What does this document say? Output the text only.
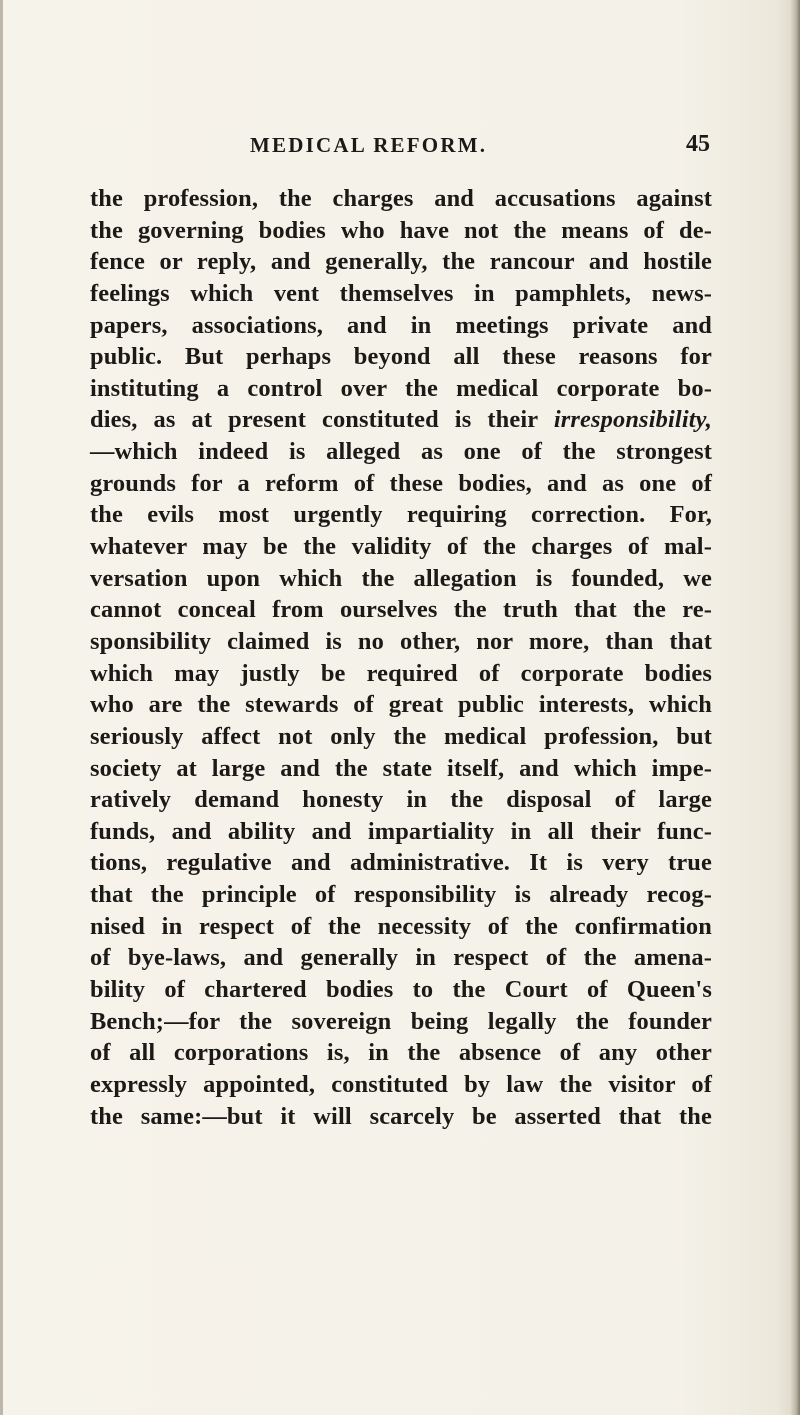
MEDICAL REFORM.	45
the profession, the charges and accusations against
the governing bodies who have not the means of de-
fence or reply, and generally, the rancour and hostile
feelings which vent themselves in pamphlets, news-
papers, associations, and in meetings private and
public. But perhaps beyond all these reasons for
instituting a control over the medical corporate bo-
dies, as at present constituted is their irresponsibility,
—which indeed is alleged as one of the strongest
grounds for a reform of these bodies, and as one of
the evils most urgently requiring correction. For,
whatever may be the validity of the charges of mal-
versation upon which the allegation is founded, we
cannot conceal from ourselves the truth that the re-
sponsibility claimed is no other, nor more, than that
which may justly be required of corporate bodies
who are the stewards of great public interests, which
seriously affect not only the medical profession, but
society at large and the state itself, and which impe-
ratively demand honesty in the disposal of large
funds, and ability and impartiality in all their func-
tions, regulative and administrative. It is very true
that the principle of responsibility is already recog-
nised in respect of the necessity of the confirmation
of bye-laws, and generally in respect of the amena-
bility of chartered bodies to the Court of Queen's
Bench;—for the sovereign being legally the founder
of all corporations is, in the absence of any other
expressly appointed, constituted by law the visitor of
the same:—but it will scarcely be asserted that the
